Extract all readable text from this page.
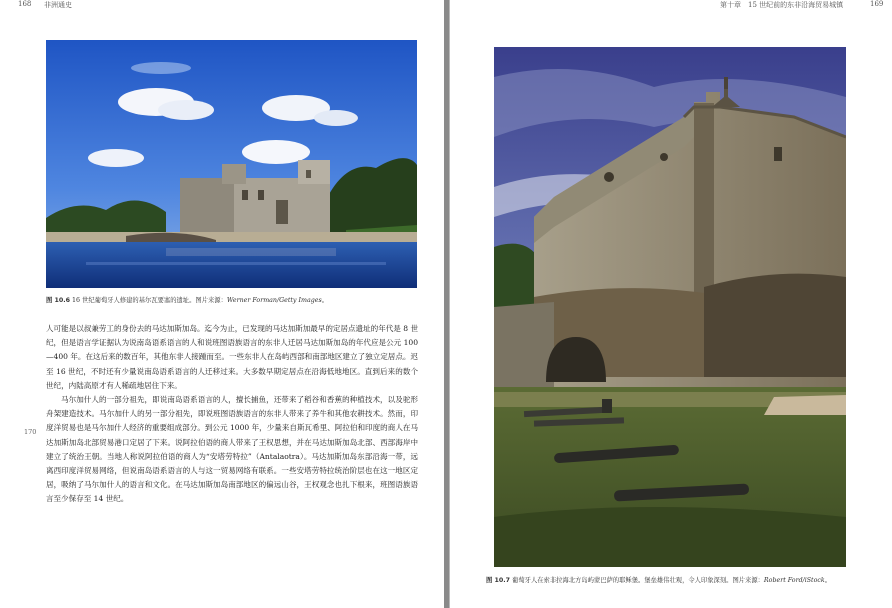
168 非洲通史
图 10.6 16 世纪葡萄牙人修建的基尔瓦要塞的遗址。图片来源：Werner Forman/Getty Images。

人可能是以叔兼劳工的身份去的马达加斯加岛。迄今为止，已发现的马达加斯加最早的定居点遗址的年代是 8 世纪，但是语言学证据认为说南岛语系语言的人和说班图语族语言的东非人迁居马达加斯加岛的年代应是公元 100—400 年。在这后来的数百年，其他东非人接踵而至。一些东非人在岛屿西部和南部地区建立了独立定居点。迟至 16 世纪，不时还有少量说南岛语系语言的人迁移过来。大多数早期定居点在沿海低地地区。直到后来的数个世纪，内陆高原才有人稀疏地居住下来。

马尔加什人的一部分祖先，即说南岛语系语言的人，擅长捕鱼，还带来了稻谷和香蕉的种植技术，以及驼形舟架建造技术。马尔加什人的另一部分祖先，即说班图语族语言的东非人带来了养牛和其他农耕技术。然而，印度洋贸易也是马尔加什人经济的重要组成部分。到公元 1000 年，少量来自斯瓦希里、阿拉伯和印度的商人在马达加斯加岛北部贸易港口定居了下来。说阿拉伯语的商人带来了王权思想，并在马达加斯加岛北部、西部海岸中建立了统治王朝。当地人称说阿拉伯语的商人为“安塔劳特拉”（Antalaotra）。马达加斯加岛东部沿海一带，远离西印度洋贸易网络，但说南岛语系语言的人与这一贸易网络有联系。一些安塔劳特拉统治阶层也在这一地区定居，吸纳了马尔加什人的语言和文化。在马达加斯加岛南部地区的偏远山谷，王权观念也扎下根来，班图语族语言至少保存至 14 世纪。

170
第十章　15 世纪前的东非沿海贸易城镇	169
图 10.7 葡萄牙人在索非拉海北方岛屿蒙巴萨的耶稣堡。堡垒雄伟壮观，令人印象深刻。图片来源：Robert Ford/iStock。
